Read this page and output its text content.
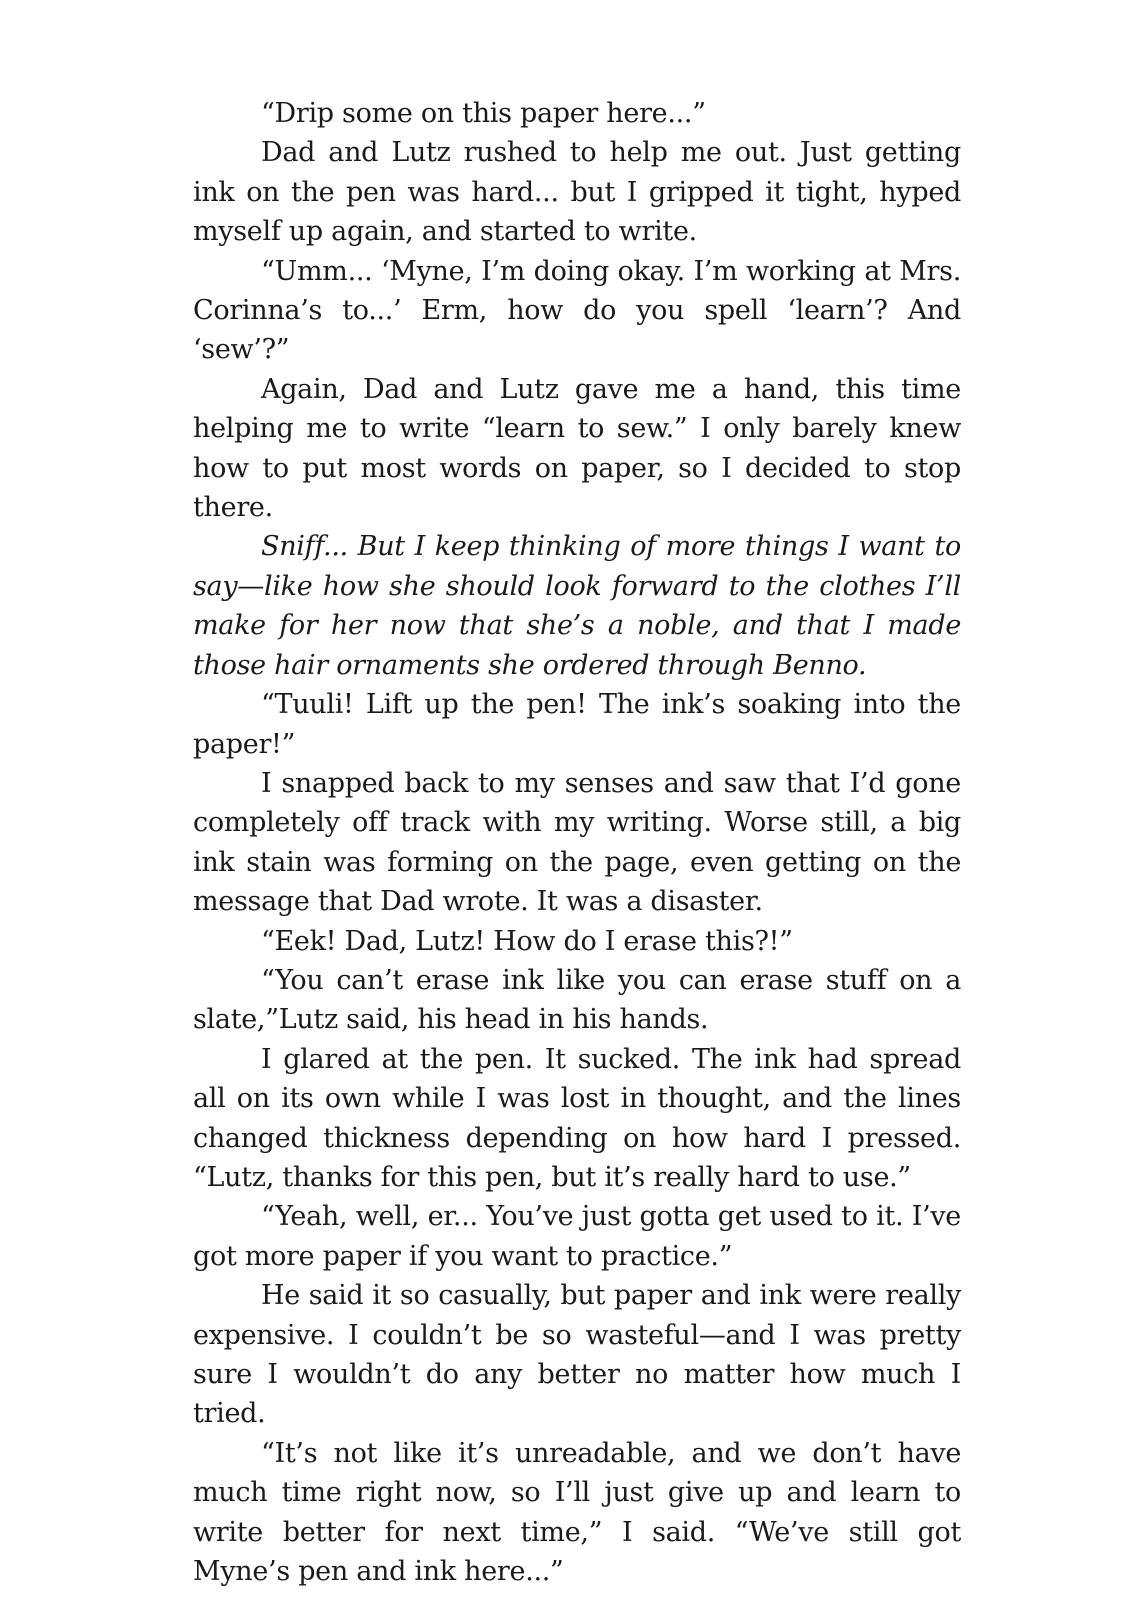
“Drip some on this paper here...”

Dad and Lutz rushed to help me out. Just getting ink on the pen was hard... but I gripped it tight, hyped myself up again, and started to write.

“Umm... ‘Myne, I’m doing okay. I’m working at Mrs. Corinna’s to...’ Erm, how do you spell ‘learn’? And ‘sew’?”

Again, Dad and Lutz gave me a hand, this time helping me to write “learn to sew.” I only barely knew how to put most words on paper, so I decided to stop there.

Sniff... But I keep thinking of more things I want to say—like how she should look forward to the clothes I’ll make for her now that she’s a noble, and that I made those hair ornaments she ordered through Benno.

“Tuuli! Lift up the pen! The ink’s soaking into the paper!”

I snapped back to my senses and saw that I’d gone completely off track with my writing. Worse still, a big ink stain was forming on the page, even getting on the message that Dad wrote. It was a disaster.

“Eek! Dad, Lutz! How do I erase this?!”

“You can’t erase ink like you can erase stuff on a slate,”Lutz said, his head in his hands.

I glared at the pen. It sucked. The ink had spread all on its own while I was lost in thought, and the lines changed thickness depending on how hard I pressed. “Lutz, thanks for this pen, but it’s really hard to use.”

“Yeah, well, er... You’ve just gotta get used to it. I’ve got more paper if you want to practice.”

He said it so casually, but paper and ink were really expensive. I couldn’t be so wasteful—and I was pretty sure I wouldn’t do any better no matter how much I tried.

“It’s not like it’s unreadable, and we don’t have much time right now, so I’ll just give up and learn to write better for next time,” I said. “We’ve still got Myne’s pen and ink here...”
